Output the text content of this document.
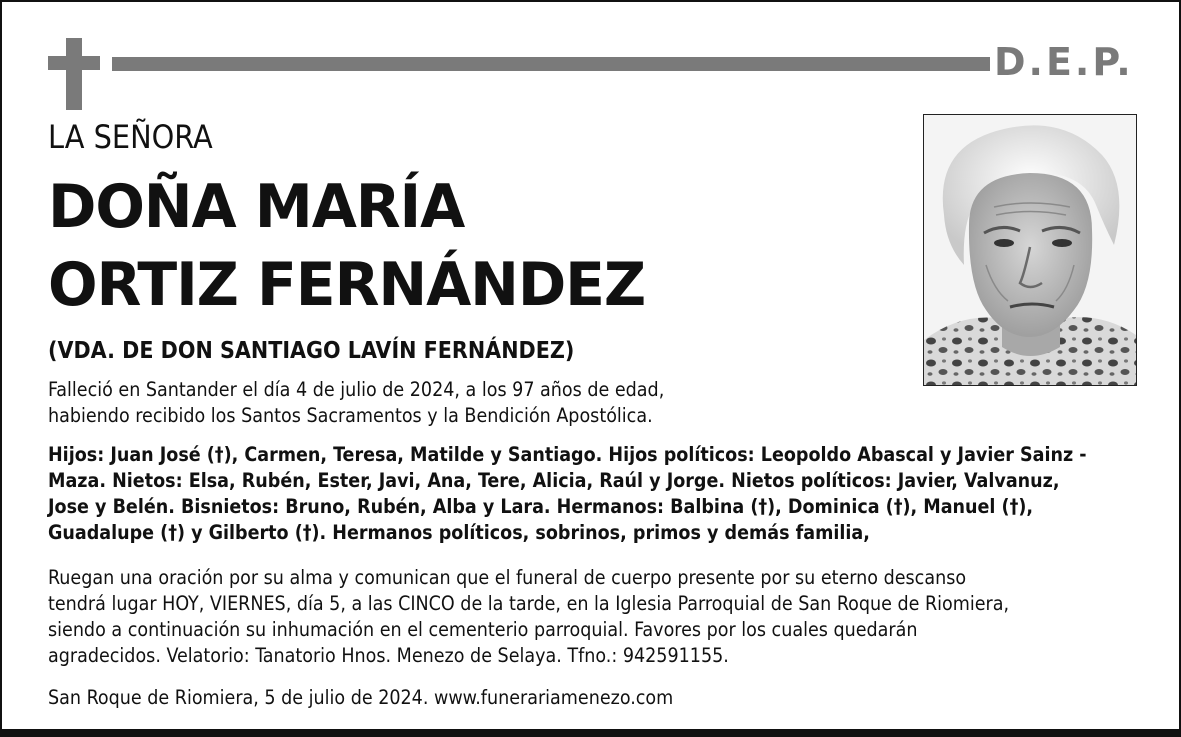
D.E.P.
LA SEÑORA
DOÑA MARÍA
ORTIZ FERNÁNDEZ
(VDA. DE DON SANTIAGO LAVÍN FERNÁNDEZ)

Falleció en Santander el día 4 de julio de 2024, a los 97 años de edad,
habiendo recibido los Santos Sacramentos y la Bendición Apostólica.

Hijos: Juan José (†), Carmen, Teresa, Matilde y Santiago. Hijos políticos: Leopoldo Abascal y Javier Sainz -
Maza. Nietos: Elsa, Rubén, Ester, Javi, Ana, Tere, Alicia, Raúl y Jorge. Nietos políticos: Javier, Valvanuz,
Jose y Belén. Bisnietos: Bruno, Rubén, Alba y Lara. Hermanos: Balbina (†), Dominica (†), Manuel (†),
Guadalupe (†) y Gilberto (†). Hermanos políticos, sobrinos, primos y demás familia,

Ruegan una oración por su alma y comunican que el funeral de cuerpo presente por su eterno descanso
tendrá lugar HOY, VIERNES, día 5, a las CINCO de la tarde, en la Iglesia Parroquial de San Roque de Riomiera,
siendo a continuación su inhumación en el cementerio parroquial. Favores por los cuales quedarán
agradecidos. Velatorio: Tanatorio Hnos. Menezo de Selaya. Tfno.: 942591155.

San Roque de Riomiera, 5 de julio de 2024. www.funerariamenezo.com
